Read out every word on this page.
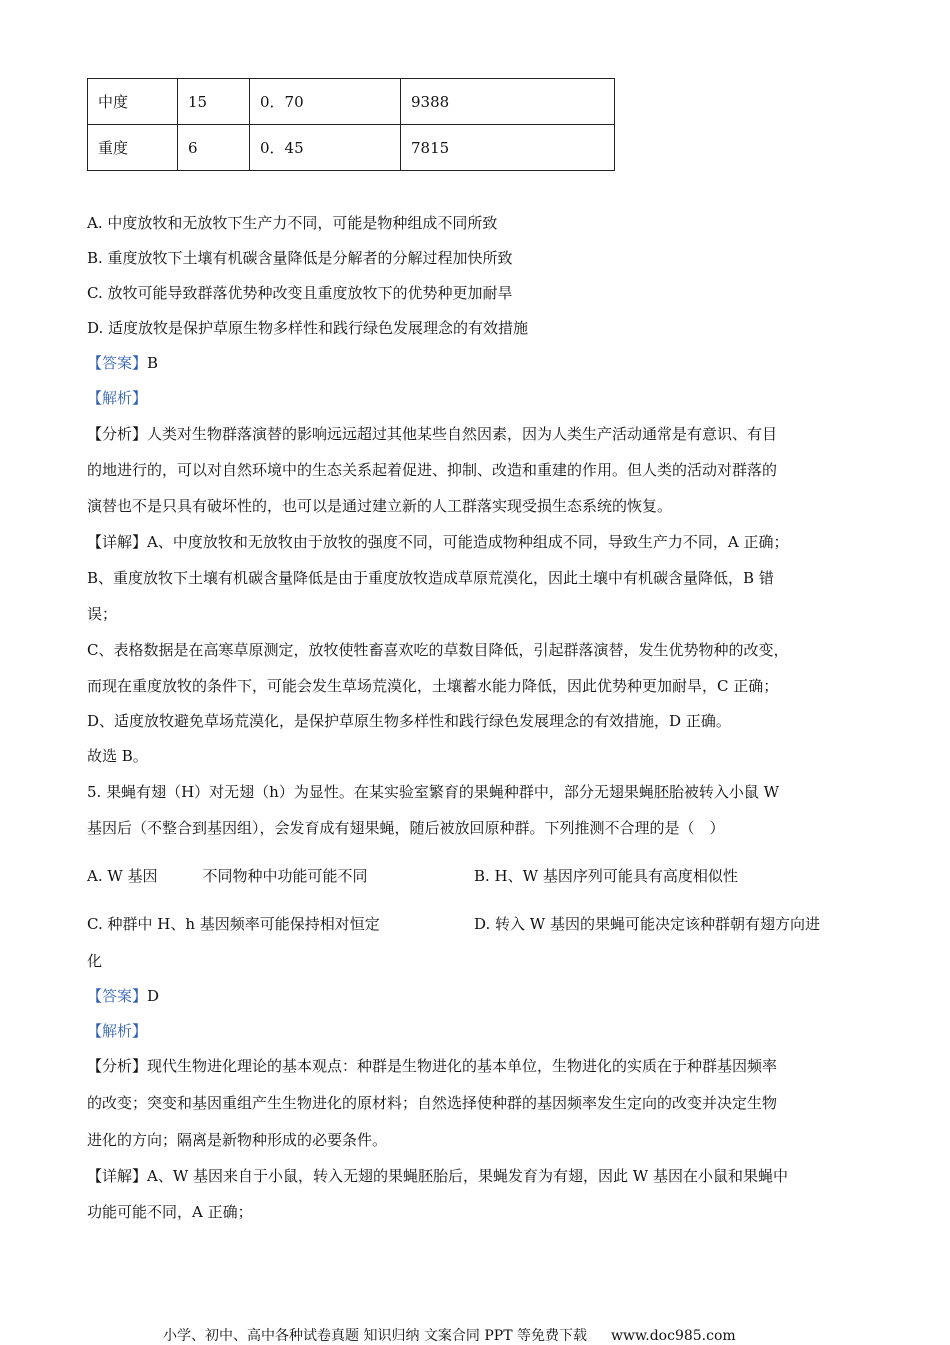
中度	15	0．70	9388
重度	6	0．45	7815
A. 中度放牧和无放牧下生产力不同，可能是物种组成不同所致
B. 重度放牧下土壤有机碳含量降低是分解者的分解过程加快所致
C. 放牧可能导致群落优势种改变且重度放牧下的优势种更加耐旱
D. 适度放牧是保护草原生物多样性和践行绿色发展理念的有效措施
【答案】B
【解析】
【分析】人类对生物群落演替的影响远远超过其他某些自然因素，因为人类生产活动通常是有意识、有目
的地进行的，可以对自然环境中的生态关系起着促进、抑制、改造和重建的作用。但人类的活动对群落的
演替也不是只具有破坏性的，也可以是通过建立新的人工群落实现受损生态系统的恢复。
【详解】A、中度放牧和无放牧由于放牧的强度不同，可能造成物种组成不同，导致生产力不同，A 正确；
B、重度放牧下土壤有机碳含量降低是由于重度放牧造成草原荒漠化，因此土壤中有机碳含量降低，B 错
误；
C、表格数据是在高寒草原测定，放牧使牲畜喜欢吃的草数目降低，引起群落演替，发生优势物种的改变，
而现在重度放牧的条件下，可能会发生草场荒漠化，土壤蓄水能力降低，因此优势种更加耐旱，C 正确；
D、适度放牧避免草场荒漠化，是保护草原生物多样性和践行绿色发展理念的有效措施，D 正确。
故选 B。
5. 果蝇有翅（H）对无翅（h）为显性。在某实验室繁育的果蝇种群中，部分无翅果蝇胚胎被转入小鼠 W
基因后（不整合到基因组），会发育成有翅果蝇，随后被放回原种群。下列推测不合理的是（　）
A. W 基因　　　不同物种中功能可能不同	B. H、W 基因序列可能具有高度相似性
C. 种群中 H、h 基因频率可能保持相对恒定	D. 转入 W 基因的果蝇可能决定该种群朝有翅方向进
化
【答案】D
【解析】
【分析】现代生物进化理论的基本观点：种群是生物进化的基本单位，生物进化的实质在于种群基因频率
的改变；突变和基因重组产生生物进化的原材料；自然选择使种群的基因频率发生定向的改变并决定生物
进化的方向；隔离是新物种形成的必要条件。
【详解】A、W 基因来自于小鼠，转入无翅的果蝇胚胎后，果蝇发育为有翅，因此 W 基因在小鼠和果蝇中
功能可能不同，A 正确；
小学、初中、高中各种试卷真题 知识归纳 文案合同 PPT 等免费下载 www.doc985.com
